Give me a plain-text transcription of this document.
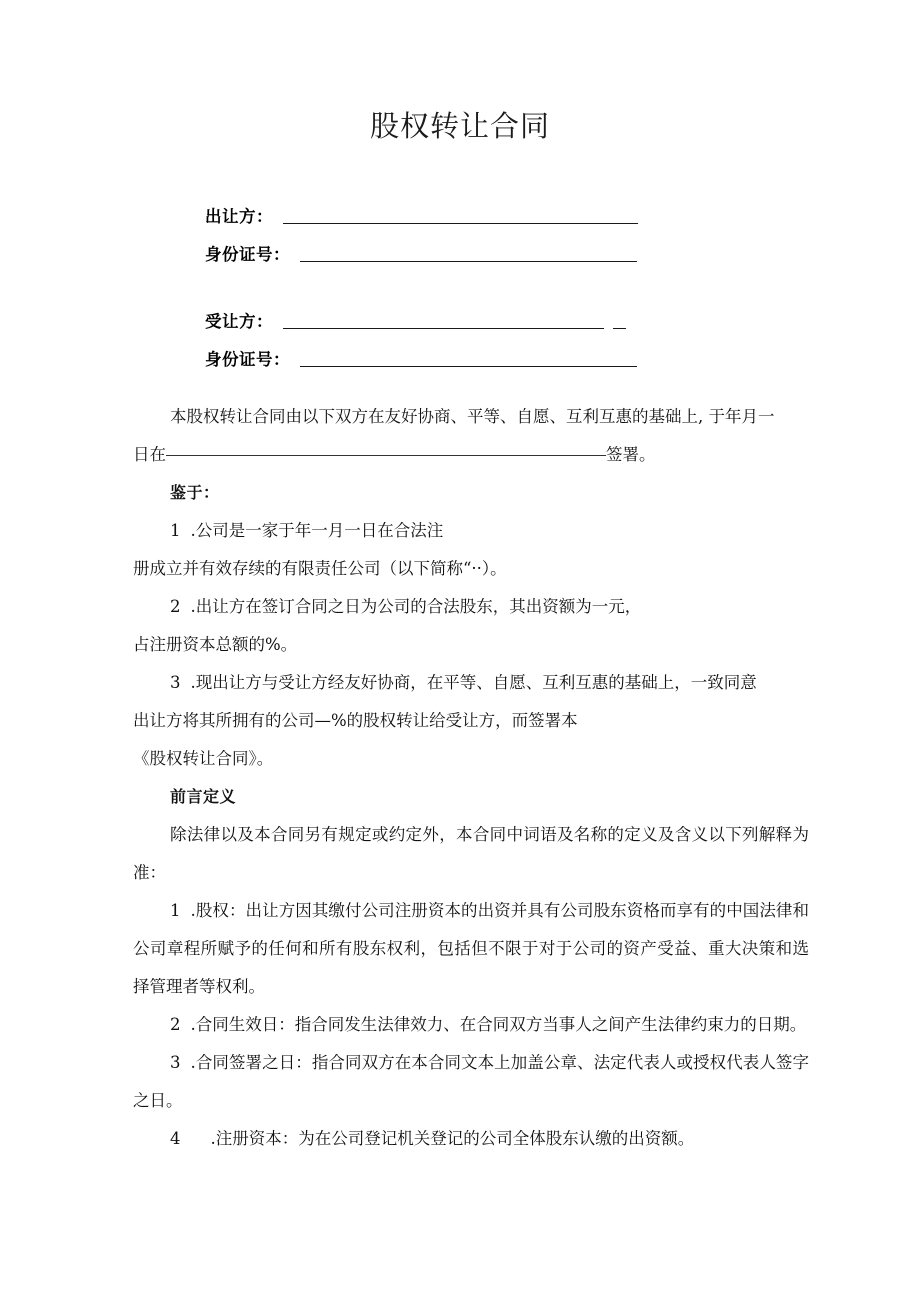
股权转让合同
出让方：
身份证号：
受让方：
身份证号：

本股权转让合同由以下双方在友好协商、平等、自愿、互利互惠的基础上, 于年月一

日在	签署。

鉴于：

1 .公司是一家于年一月一日在合法注

册成立并有效存续的有限责任公司（以下简称“··）。

2 .出让方在签订合同之日为公司的合法股东，其出资额为一元，

占注册资本总额的%。

3 .现出让方与受让方经友好协商，在平等、自愿、互利互惠的基础上，一致同意

出让方将其所拥有的公司—%的股权转让给受让方，而签署本

《股权转让合同》。

前言定义

除法律以及本合同另有规定或约定外，本合同中词语及名称的定义及含义以下列解释为准：

1 .股权：出让方因其缴付公司注册资本的出资并具有公司股东资格而享有的中国法律和公司章程所赋予的任何和所有股东权利，包括但不限于对于公司的资产受益、重大决策和选择管理者等权利。

2 .合同生效日：指合同发生法律效力、在合同双方当事人之间产生法律约束力的日期。

3 .合同签署之日：指合同双方在本合同文本上加盖公章、法定代表人或授权代表人签字之日。

4 .注册资本：为在公司登记机关登记的公司全体股东认缴的出资额。
